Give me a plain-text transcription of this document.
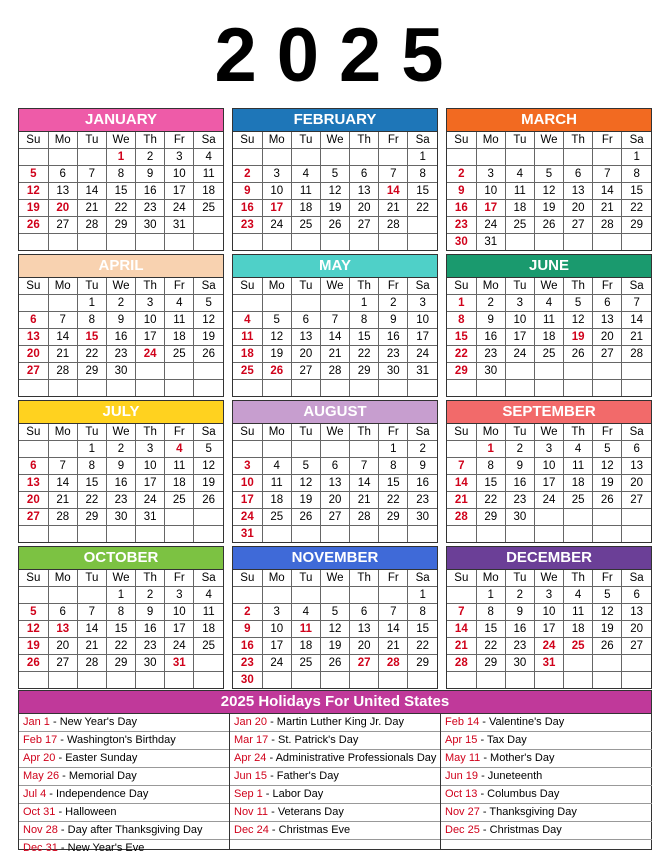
2025
JANUARY
Su	Mo	Tu	We	Th	Fr	Sa
			1	2	3	4
5	6	7	8	9	10	11
12	13	14	15	16	17	18
19	20	21	22	23	24	25
26	27	28	29	30	31	

FEBRUARY
Su	Mo	Tu	We	Th	Fr	Sa
						1
2	3	4	5	6	7	8
9	10	11	12	13	14	15
16	17	18	19	20	21	22
23	24	25	26	27	28	

MARCH
Su	Mo	Tu	We	Th	Fr	Sa
						1
2	3	4	5	6	7	8
9	10	11	12	13	14	15
16	17	18	19	20	21	22
23	24	25	26	27	28	29
30	31					
APRIL
Su	Mo	Tu	We	Th	Fr	Sa
		1	2	3	4	5
6	7	8	9	10	11	12
13	14	15	16	17	18	19
20	21	22	23	24	25	26
27	28	29	30			

MAY
Su	Mo	Tu	We	Th	Fr	Sa
				1	2	3
4	5	6	7	8	9	10
11	12	13	14	15	16	17
18	19	20	21	22	23	24
25	26	27	28	29	30	31

JUNE
Su	Mo	Tu	We	Th	Fr	Sa
1	2	3	4	5	6	7
8	9	10	11	12	13	14
15	16	17	18	19	20	21
22	23	24	25	26	27	28
29	30					

JULY
Su	Mo	Tu	We	Th	Fr	Sa
		1	2	3	4	5
6	7	8	9	10	11	12
13	14	15	16	17	18	19
20	21	22	23	24	25	26
27	28	29	30	31		

AUGUST
Su	Mo	Tu	We	Th	Fr	Sa
					1	2
3	4	5	6	7	8	9
10	11	12	13	14	15	16
17	18	19	20	21	22	23
24	25	26	27	28	29	30
31						
SEPTEMBER
Su	Mo	Tu	We	Th	Fr	Sa
	1	2	3	4	5	6
7	8	9	10	11	12	13
14	15	16	17	18	19	20
21	22	23	24	25	26	27
28	29	30				

OCTOBER
Su	Mo	Tu	We	Th	Fr	Sa
			1	2	3	4
5	6	7	8	9	10	11
12	13	14	15	16	17	18
19	20	21	22	23	24	25
26	27	28	29	30	31	

NOVEMBER
Su	Mo	Tu	We	Th	Fr	Sa
						1
2	3	4	5	6	7	8
9	10	11	12	13	14	15
16	17	18	19	20	21	22
23	24	25	26	27	28	29
30						
DECEMBER
Su	Mo	Tu	We	Th	Fr	Sa
	1	2	3	4	5	6
7	8	9	10	11	12	13
14	15	16	17	18	19	20
21	22	23	24	25	26	27
28	29	30	31			

2025 Holidays For United States
Jan 1 - New Year's Day
Feb 17 - Washington's Birthday
Apr 20 - Easter Sunday
May 26 - Memorial Day
Jul 4 - Independence Day
Oct 31 - Halloween
Nov 28 - Day after Thanksgiving Day
Dec 31 - New Year's Eve
Jan 20 - Martin Luther King Jr. Day
Mar 17 - St. Patrick's Day
Apr 24 - Administrative Professionals Day
Jun 15 - Father's Day
Sep 1 - Labor Day
Nov 11 - Veterans Day
Dec 24 - Christmas Eve
Feb 14 - Valentine's Day
Apr 15 - Tax Day
May 11 - Mother's Day
Jun 19 - Juneteenth
Oct 13 - Columbus Day
Nov 27 - Thanksgiving Day
Dec 25 - Christmas Day
